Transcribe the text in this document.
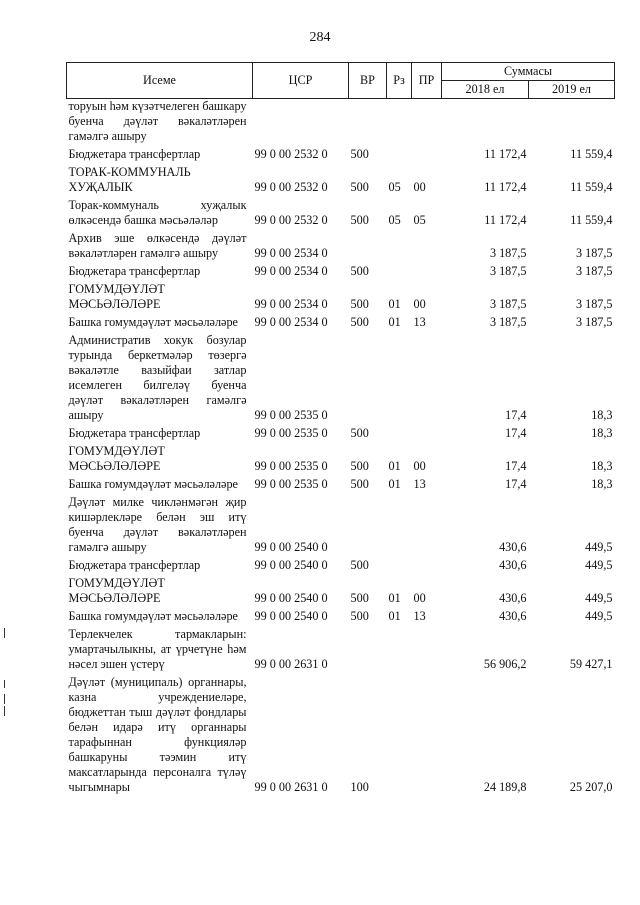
284
Исеме	ЦСР	ВР	Рз	ПР	Суммасы	
					2018 ел	2019 ел
торуын һәм күзәтчелеген башкару буенча дәүләт вәкаләтләрен гамәлгә ашыру						
Бюджетара трансфертлар	99 0 00 2532 0	500			11 172,4	11 559,4
ТОРАК-КОММУНАЛЬ ХУҖАЛЫК	99 0 00 2532 0	500	05	00	11 172,4	11 559,4
Торак-коммуналь хуҗалык өлкәсендә башка мәсьәләләр	99 0 00 2532 0	500	05	05	11 172,4	11 559,4
Архив эше өлкәсендә дәүләт вәкаләтләрен гамәлгә ашыру	99 0 00 2534 0				3 187,5	3 187,5
Бюджетара трансфертлар	99 0 00 2534 0	500			3 187,5	3 187,5
ГОМУМДӘҮЛӘТ МӘСЬӘЛӘЛӘРЕ	99 0 00 2534 0	500	01	00	3 187,5	3 187,5
Башка гомумдәүләт мәсьәләләре	99 0 00 2534 0	500	01	13	3 187,5	3 187,5
Административ хокук бозулар турында беркетмәләр төзергә вәкаләтле вазыйфаи затлар исемлеген билгеләү буенча дәүләт вәкаләтләрен гамәлгә ашыру	99 0 00 2535 0				17,4	18,3
Бюджетара трансфертлар	99 0 00 2535 0	500			17,4	18,3
ГОМУМДӘҮЛӘТ МӘСЬӘЛӘЛӘРЕ	99 0 00 2535 0	500	01	00	17,4	18,3
Башка гомумдәүләт мәсьәләләре	99 0 00 2535 0	500	01	13	17,4	18,3
Дәүләт милке чикләнмәгән җир кишәрлекләре белән эш итү буенча дәүләт вәкаләтләрен гамәлгә ашыру	99 0 00 2540 0				430,6	449,5
Бюджетара трансфертлар	99 0 00 2540 0	500			430,6	449,5
ГОМУМДӘҮЛӘТ МӘСЬӘЛӘЛӘРЕ	99 0 00 2540 0	500	01	00	430,6	449,5
Башка гомумдәүләт мәсьәләләре	99 0 00 2540 0	500	01	13	430,6	449,5
Терлекчелек тармакларын: умартачылыкны, ат үрчетүне һәм нәсел эшен үстерү	99 0 00 2631 0				56 906,2	59 427,1
Дәүләт (муниципаль) органнары, казна учреждениеләре, бюджеттан тыш дәүләт фондлары белән идарә итү органнары тарафыннан функцияләр башкаруны тәэмин итү максатларында персоналга түләү чыгымнары	99 0 00 2631 0	100			24 189,8	25 207,0
